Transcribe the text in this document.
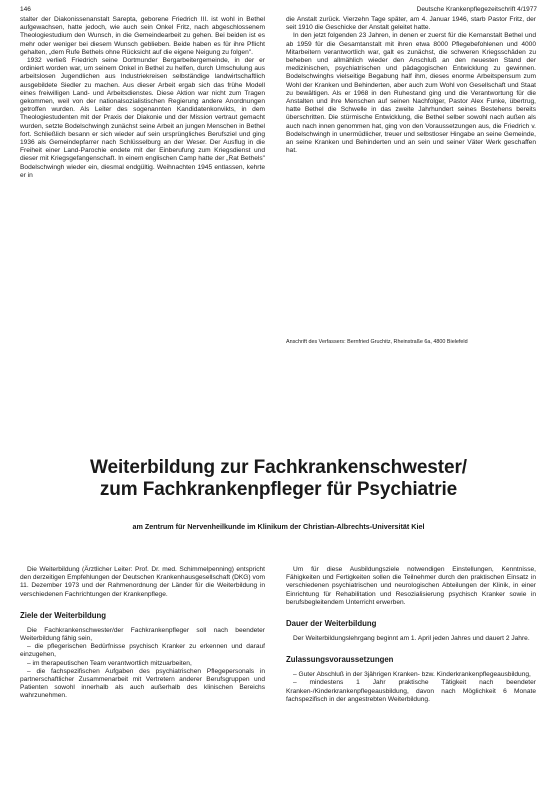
146	Deutsche Krankenpflegezeitschrift 4/1977

stalter der Diakonissenanstalt Sarepta, geborene Friedrich III. ist wohl in Bethel aufgewachsen, hatte jedoch, wie auch sein Onkel Fritz, nach abgeschlossenem Theologiestudium den Wunsch, in die Gemeindearbeit zu gehen. Bei beiden ist es mehr oder weniger bei diesem Wunsch geblieben. Beide haben es für ihre Pflicht gehalten, „dem Rufe Bethels ohne Rücksicht auf die eigene Neigung zu folgen".

1932 verließ Friedrich seine Dortmunder Bergarbeitergemeinde, in der er ordiniert worden war, um seinem Onkel in Bethel zu helfen, durch Umschulung aus arbeitslosen Jugendlichen aus Industriekreisen selbständige landwirtschaftlich ausgebildete Siedler zu machen. Aus dieser Arbeit ergab sich das frühe Modell eines freiwilligen Land- und Arbeitsdienstes. Diese Aktion war nicht zum Tragen gekommen, weil von der nationalsozialistischen Regierung andere Anordnungen getroffen wurden. Als Leiter des sogenannten Kandidatenkonvikts, in dem Theologiestudenten mit der Praxis der Diakonie und der Mission vertraut gemacht wurden, setzte Bodelschwingh zunächst seine Arbeit an jungen Menschen in Bethel fort. Schließlich besann er sich wieder auf sein ursprüngliches Berufsziel und ging 1936 als Gemeindepfarrer nach Schlüsselburg an der Weser. Der Ausflug in die Freiheit einer Land-Parochie endete mit der Einberufung zum Kriegsdienst und dieser mit Kriegsgefangenschaft. In einem englischen Camp hatte der „Rat Bethels" Bodelschwingh wieder ein, diesmal endgültig. Weihnachten 1945 entlassen, kehrte er in

die Anstalt zurück. Vierzehn Tage später, am 4. Januar 1946, starb Pastor Fritz, der seit 1910 die Geschicke der Anstalt geleitet hatte.

In den jetzt folgenden 23 Jahren, in denen er zuerst für die Kernanstalt Bethel und ab 1959 für die Gesamtanstalt mit ihren etwa 8000 Pflegebefohlenen und 4000 Mitarbeitern verantwortlich war, galt es zunächst, die schweren Kriegsschäden zu beheben und allmählich wieder den Anschluß an den neuesten Stand der medizinischen, psychiatrischen und pädagogischen Entwicklung zu gewinnen. Bodelschwinghs vielseitige Begabung half ihm, dieses enorme Arbeitspensum zum Wohl der Kranken und Behinderten, aber auch zum Wohl von Gesellschaft und Staat zu bewältigen. Als er 1968 in den Ruhestand ging und die Verantwortung für die Anstalten und ihre Menschen auf seinen Nachfolger, Pastor Alex Funke, übertrug, hatte Bethel die Schwelle in das zweite Jahrhundert seines Bestehens bereits überschritten. Die stürmische Entwicklung, die Bethel selber sowohl nach außen als auch nach innen genommen hat, ging von den Voraussetzungen aus, die Friedrich v. Bodelschwingh in unermüdlicher, treuer und selbstloser Hingabe an seine Gemeinde, an seine Kranken und Behinderten und an sein und seiner Väter Werk geschaffen hat.

Anschrift des Verfassers: Bernfried Gruchitz, Rheinstraße 6a, 4800 Bielefeld
Weiterbildung zur Fachkrankenschwester/
zum Fachkrankenpfleger für Psychiatrie
am Zentrum für Nervenheilkunde im Klinikum der Christian-Albrechts-Universität Kiel

Die Weiterbildung (Ärztlicher Leiter: Prof. Dr. med. Schimmelpenning) entspricht den derzeitigen Empfehlungen der Deutschen Krankenhausgesellschaft (DKG) vom 11. Dezember 1973 und der Rahmenordnung der Länder für die Weiterbildung in verschiedenen Fachrichtungen der Krankenpflege.

Ziele der Weiterbildung

Die Fachkrankenschwester/der Fachkrankenpfleger soll nach beendeter Weiterbildung fähig sein,

– die pflegerischen Bedürfnisse psychisch Kranker zu erkennen und darauf einzugehen,

– im therapeutischen Team verantwortlich mitzuarbeiten,

– die fachspezifischen Aufgaben des psychiatrischen Pflegepersonals in partnerschaftlicher Zusammenarbeit mit Vertretern anderer Berufsgruppen und Patienten sowohl innerhalb als auch außerhalb des klinischen Bereichs wahrzunehmen.

Um für diese Ausbildungsziele notwendigen Einstellungen, Kenntnisse, Fähigkeiten und Fertigkeiten sollen die Teilnehmer durch den praktischen Einsatz in verschiedenen psychiatrischen und neurologischen Abteilungen der Klinik, in einer Einrichtung für Rehabilitation und Resozialisierung psychisch Kranker sowie in berufsbegleitendem Unterricht erwerben.

Dauer der Weiterbildung

Der Weiterbildungslehrgang beginnt am 1. April jeden Jahres und dauert 2 Jahre.

Zulassungsvoraussetzungen

– Guter Abschluß in der 3jährigen Kranken- bzw. Kinderkrankenpflegeausbildung,

– mindestens 1 Jahr praktische Tätigkeit nach beendeter Kranken-/Kinderkrankenpflegeausbildung, davon nach Möglichkeit 6 Monate fachspezifisch in der angestrebten Weiterbildung.
